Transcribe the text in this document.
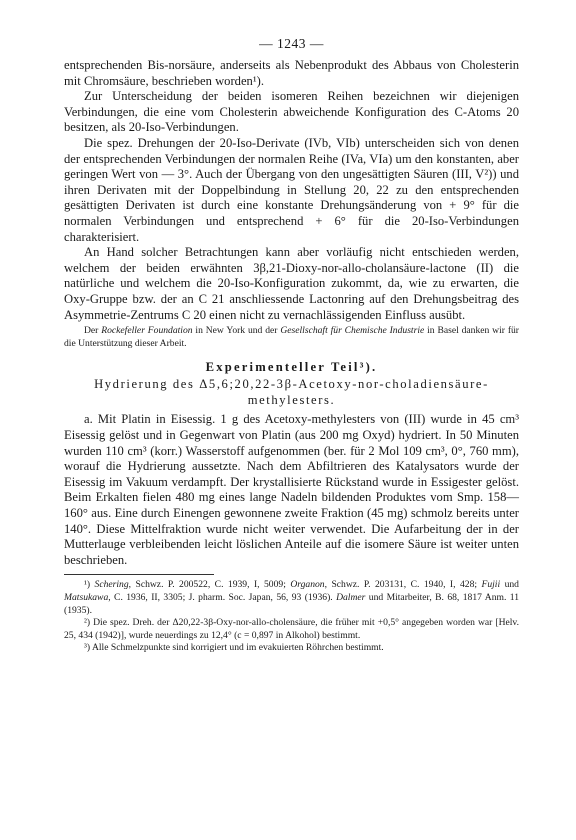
— 1243 —

entsprechenden Bis-norsäure, anderseits als Nebenprodukt des Abbaus von Cholesterin mit Chromsäure, beschrieben worden¹).

Zur Unterscheidung der beiden isomeren Reihen bezeichnen wir diejenigen Verbindungen, die eine vom Cholesterin abweichende Konfiguration des C-Atoms 20 besitzen, als 20-Iso-Verbindungen.

Die spez. Drehungen der 20-Iso-Derivate (IVb, VIb) unterscheiden sich von denen der entsprechenden Verbindungen der normalen Reihe (IVa, VIa) um den konstanten, aber geringen Wert von — 3°. Auch der Übergang von den ungesättigten Säuren (III, V²)) und ihren Derivaten mit der Doppelbindung in Stellung 20, 22 zu den entsprechenden gesättigten Derivaten ist durch eine konstante Drehungsänderung von + 9° für die normalen Verbindungen und entsprechend + 6° für die 20-Iso-Verbindungen charakterisiert.

An Hand solcher Betrachtungen kann aber vorläufig nicht entschieden werden, welchem der beiden erwähnten 3β,21-Dioxy-nor-allo-cholansäure-lactone (II) die natürliche und welchem die 20-Iso-Konfiguration zukommt, da, wie zu erwarten, die Oxy-Gruppe bzw. der an C 21 anschliessende Lactonring auf den Drehungsbeitrag des Asymmetrie-Zentrums C 20 einen nicht zu vernachlässigenden Einfluss ausübt.

Der Rockefeller Foundation in New York und der Gesellschaft für Chemische Industrie in Basel danken wir für die Unterstützung dieser Arbeit.

Experimenteller Teil³).
Hydrierung des Δ5,6;20,22-3β-Acetoxy-nor-choladiensäure-methylesters.

a. Mit Platin in Eisessig. 1 g des Acetoxy-methylesters von (III) wurde in 45 cm³ Eisessig gelöst und in Gegenwart von Platin (aus 200 mg Oxyd) hydriert. In 50 Minuten wurden 110 cm³ (korr.) Wasserstoff aufgenommen (ber. für 2 Mol 109 cm³, 0°, 760 mm), worauf die Hydrierung aussetzte. Nach dem Abfiltrieren des Katalysators wurde der Eisessig im Vakuum verdampft. Der krystallisierte Rückstand wurde in Essigester gelöst. Beim Erkalten fielen 480 mg eines lange Nadeln bildenden Produktes vom Smp. 158—160° aus. Eine durch Einengen gewonnene zweite Fraktion (45 mg) schmolz bereits unter 140°. Diese Mittelfraktion wurde nicht weiter verwendet. Die Aufarbeitung der in der Mutterlauge verbleibenden leicht löslichen Anteile auf die isomere Säure ist weiter unten beschrieben.

¹) Schering, Schwz. P. 200522, C. 1939, I, 5009; Organon, Schwz. P. 203131, C. 1940, I, 428; Fujii und Matsukawa, C. 1936, II, 3305; J. pharm. Soc. Japan, 56, 93 (1936). Dalmer und Mitarbeiter, B. 68, 1817 Anm. 11 (1935).

²) Die spez. Dreh. der Δ20,22-3β-Oxy-nor-allo-cholensäure, die früher mit +0,5° angegeben worden war [Helv. 25, 434 (1942)], wurde neuerdings zu 12,4° (c = 0,897 in Alkohol) bestimmt.

³) Alle Schmelzpunkte sind korrigiert und im evakuierten Röhrchen bestimmt.
